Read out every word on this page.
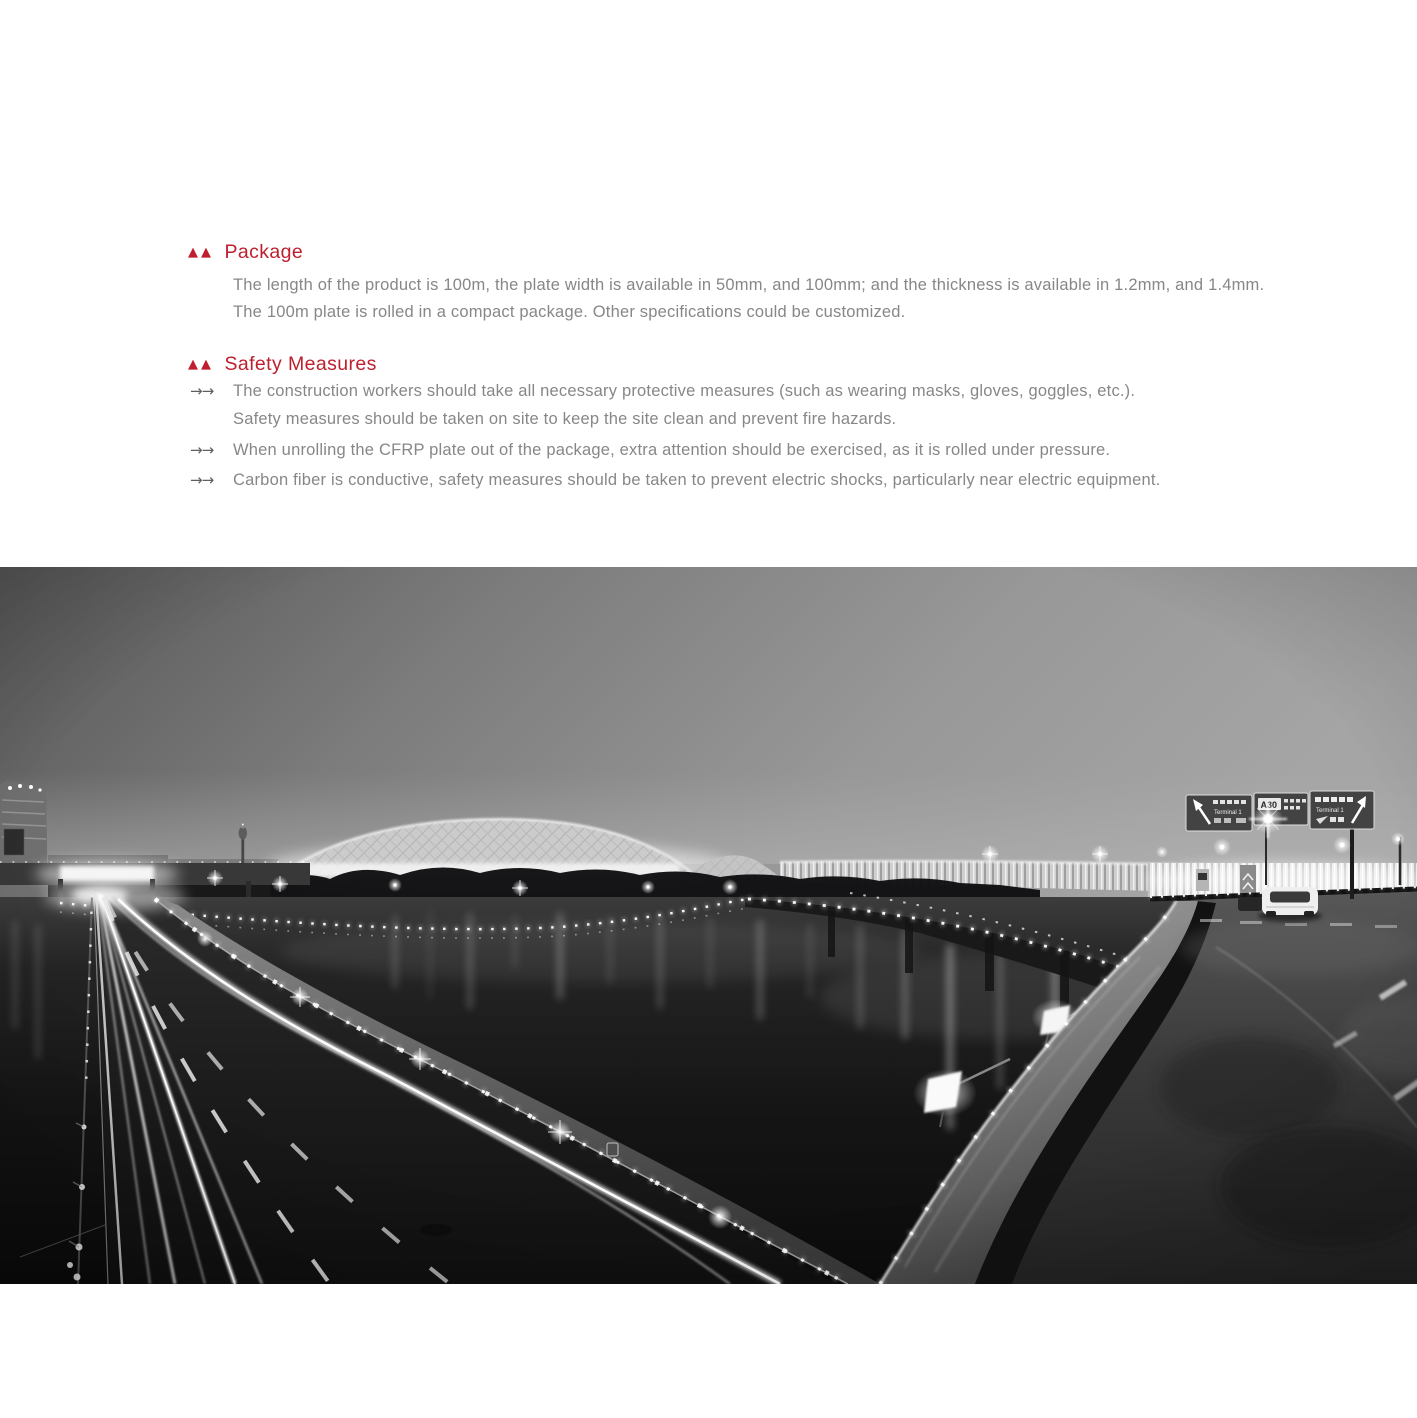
▲▲ Package
The length of the product is 100m, the plate width is available in 50mm, and 100mm; and the thickness is available in 1.2mm, and 1.4mm.
The 100m plate is rolled in a compact package. Other specifications could be customized.
▲▲ Safety Measures
→→ The construction workers should take all necessary protective measures (such as wearing masks, gloves, goggles, etc.).
Safety measures should be taken on site to keep the site clean and prevent fire hazards.
→→ When unrolling the CFRP plate out of the package, extra attention should be exercised, as it is rolled under pressure.
→→ Carbon fiber is conductive, safety measures should be taken to prevent electric shocks, particularly near electric equipment.
